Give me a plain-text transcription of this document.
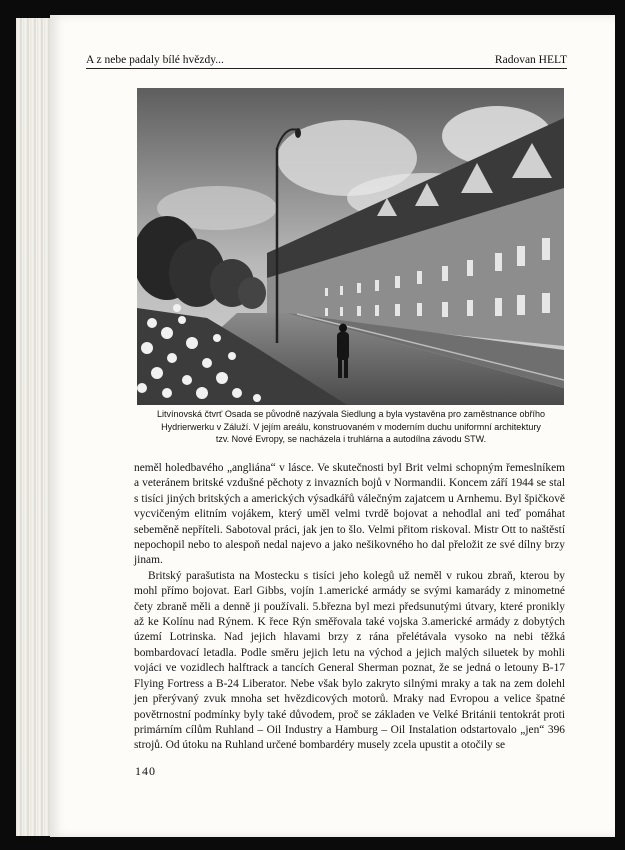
A z nebe padaly bílé hvězdy...	Radovan HELT
Litvínovská čtvrť Osada se původně nazývala Siedlung a byla vystavěna pro zaměstnance obřího
Hydrierwerku v Záluží. V jejím areálu, konstruovaném v moderním duchu uniformní architektury
tzv. Nové Evropy, se nacházela i truhlárna a autodílna závodu STW.

neměl holedbavého „angliána“ v lásce. Ve skutečnosti byl Brit velmi schopným řemeslníkem a veteránem britské vzdušné pěchoty z invazních bojů v Normandii. Koncem září 1944 se stal s tisíci jiných britských a amerických výsadkářů válečným zajatcem u Arnhemu. Byl špičkově vycvičeným elitním vojákem, který uměl velmi tvrdě bojovat a nehodlal ani teď pomáhat sebeměně nepříteli. Sabotoval práci, jak jen to šlo. Velmi přitom riskoval. Mistr Ott to naštěstí nepochopil nebo to alespoň nedal najevo a jako nešikovného ho dal přeložit ze své dílny brzy jinam.

Britský parašutista na Mostecku s tisíci jeho kolegů už neměl v rukou zbraň, kterou by mohl přímo bojovat. Earl Gibbs, vojín 1.americké armády se svými kamarády z minometné čety zbraně měli a denně ji používali. 5.března byl mezi předsunutými útvary, které pronikly až ke Kolínu nad Rýnem. K řece Rýn směřovala také vojska 3.americké armády z dobytých území Lotrinska. Nad jejich hlavami brzy z rána přelétávala vysoko na nebi těžká bombardovací letadla. Podle směru jejich letu na východ a jejich malých siluetek by mohli vojáci ve vozidlech halftrack a tancích General Sherman poznat, že se jedná o letouny B-17 Flying Fortress a B-24 Liberator. Nebe však bylo zakryto silnými mraky a tak na zem dolehl jen přerývaný zvuk mnoha set hvězdicových motorů. Mraky nad Evropou a velice špatné povětrnostní podmínky byly také důvodem, proč se základen ve Velké Británii tentokrát proti primárním cílům Ruhland – Oil Industry a Hamburg – Oil Instalation odstartovalo „jen“ 396 strojů. Od útoku na Ruhland určené bombardéry musely zcela upustit a otočily se

140
